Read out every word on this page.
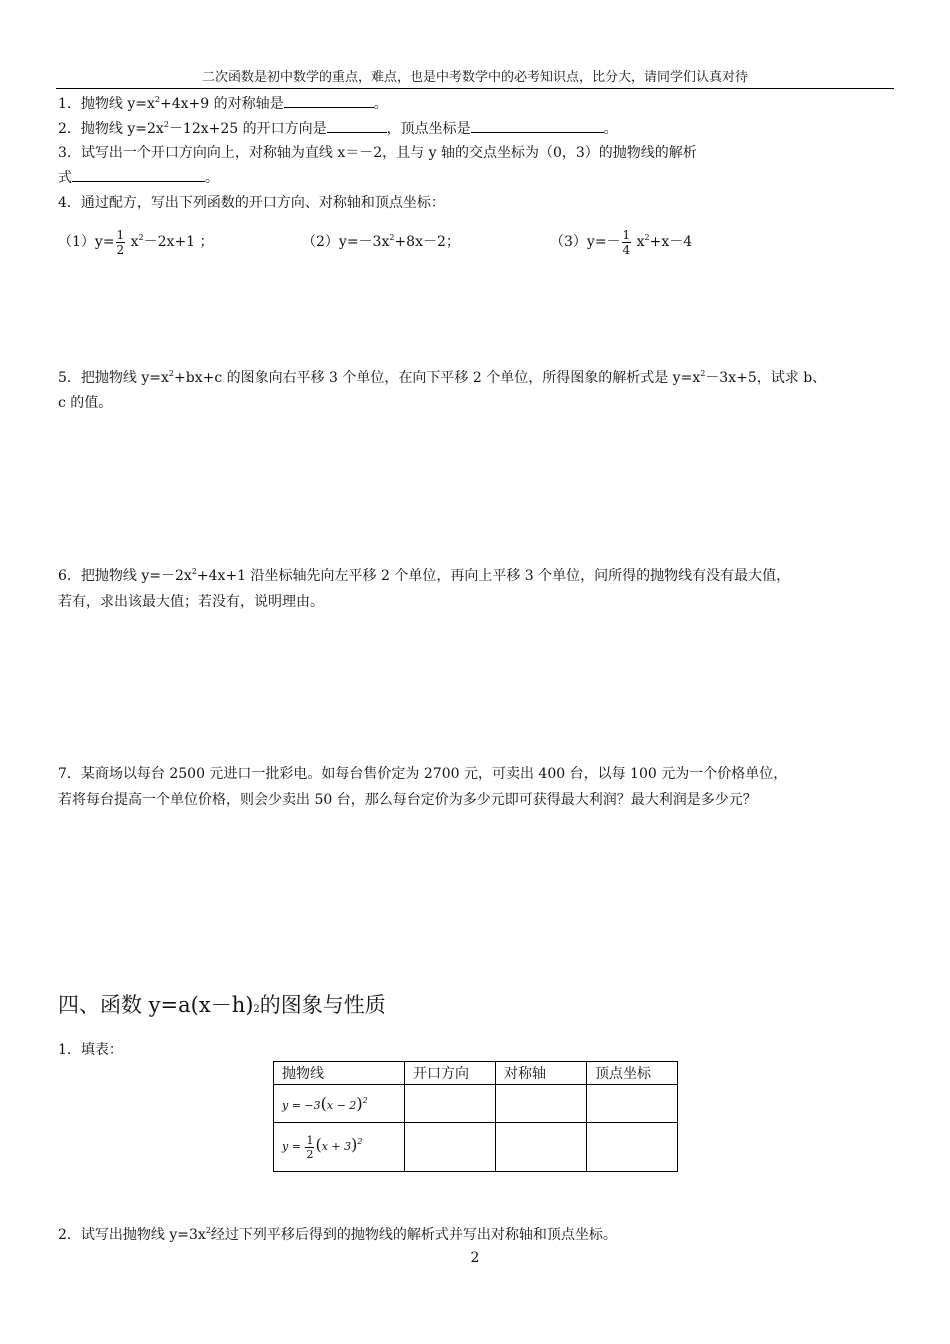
二次函数是初中数学的重点，难点，也是中考数学中的必考知识点，比分大，请同学们认真对待
1．抛物线 $y=x^2+4x+9$ 的对称轴是	。
2．抛物线 $y=2x^2-12x+25$ 的开口方向是	，顶点坐标是	。
3．试写出一个开口方向向上，对称轴为直线 x＝－2，且与 y 轴的交点坐标为（0，3）的抛物线的解析
式	。
4．通过配方，写出下列函数的开口方向、对称轴和顶点坐标：
$(1)y= \frac{1}{2} x^2-2x+1$ ；	$(2)y=-3x^2+8x-2$；	$(3)y=- \frac{1}{4} x^2+x-4$
5．把抛物线 $y=x^2+bx+c$ 的图象向右平移 3 个单位，在向下平移 2 个单位，所得图象的解析式是 $y=x^2-3x+5$，试求 b、
c 的值。
6．把抛物线 $y=-2x^2+4x+1$ 沿坐标轴先向左平移 2 个单位，再向上平移 3 个单位，问所得的抛物线有没有最大值，
若有，求出该最大值；若没有，说明理由。
7．某商场以每台 2500 元进口一批彩电。如每台售价定为 2700 元，可卖出 400 台，以每 100 元为一个价格单位，
若将每台提高一个单位价格，则会少卖出 50 台，那么每台定价为多少元即可获得最大利润？最大利润是多少元？
四、函数 y=a(x－h)2的图象与性质
1．填表：
抛物线	开口方向	对称轴	顶点坐标
$y = -3(x - 2)^2$			
$y = \frac{1}{2} (x + 3)^2$			
2．试写出抛物线 $y=3x^2$经过下列平移后得到的抛物线的解析式并写出对称轴和顶点坐标。
2
